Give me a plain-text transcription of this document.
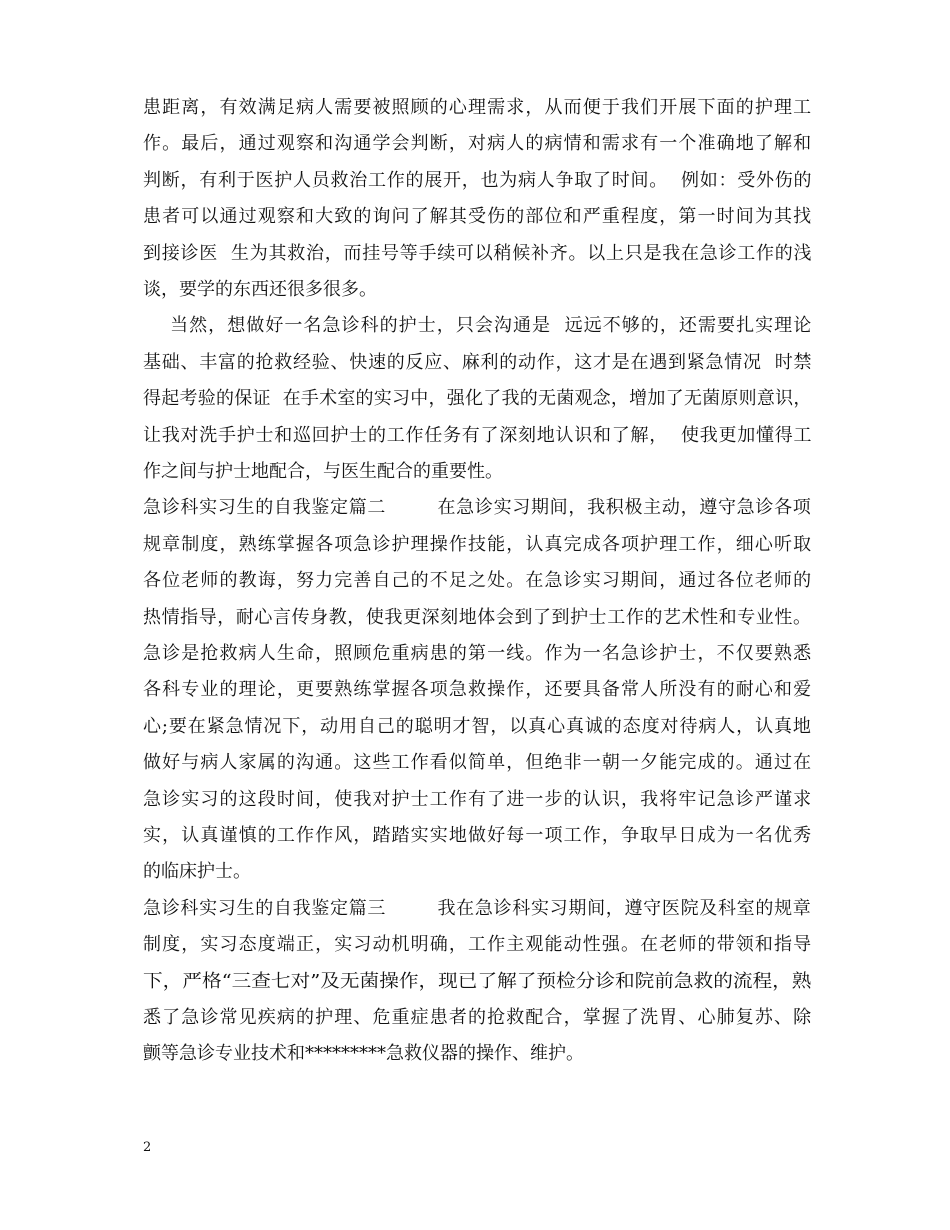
患距离，有效满足病人需要被照顾的心理需求，从而便于我们开展下面的护理工
作。最后，通过观察和沟通学会判断，对病人的病情和需求有一个准确地了解和
判断，有利于医护人员救治工作的展开，也为病人争取了时间。  例如：受外伤的
患者可以通过观察和大致的询问了解其受伤的部位和严重程度，第一时间为其找
到接诊医  生为其救治，而挂号等手续可以稍候补齐。以上只是我在急诊工作的浅
谈，要学的东西还很多很多。
当然，想做好一名急诊科的护士，只会沟通是  远远不够的，还需要扎实理论
基础、丰富的抢救经验、快速的反应、麻利的动作，这才是在遇到紧急情况  时禁
得起考验的保证  在手术室的实习中，强化了我的无菌观念，增加了无菌原则意识，
让我对洗手护士和巡回护士的工作任务有了深刻地认识和了解，  使我更加懂得工
作之间与护士地配合，与医生配合的重要性。
急诊科实习生的自我鉴定篇二        在急诊实习期间，我积极主动，遵守急诊各项
规章制度，熟练掌握各项急诊护理操作技能，认真完成各项护理工作，细心听取
各位老师的教诲，努力完善自己的不足之处。在急诊实习期间，通过各位老师的
热情指导，耐心言传身教，使我更深刻地体会到了到护士工作的艺术性和专业性。
急诊是抢救病人生命，照顾危重病患的第一线。作为一名急诊护士，不仅要熟悉
各科专业的理论，更要熟练掌握各项急救操作，还要具备常人所没有的耐心和爱
心;要在紧急情况下，动用自己的聪明才智，以真心真诚的态度对待病人，认真地
做好与病人家属的沟通。这些工作看似简单，但绝非一朝一夕能完成的。通过在
急诊实习的这段时间，使我对护士工作有了进一步的认识，我将牢记急诊严谨求
实，认真谨慎的工作作风，踏踏实实地做好每一项工作，争取早日成为一名优秀
的临床护士。
急诊科实习生的自我鉴定篇三        我在急诊科实习期间，遵守医院及科室的规章
制度，实习态度端正，实习动机明确，工作主观能动性强。在老师的带领和指导
下，严格“三查七对”及无菌操作，现已了解了预检分诊和院前急救的流程，熟
悉了急诊常见疾病的护理、危重症患者的抢救配合，掌握了洗胃、心肺复苏、除
颤等急诊专业技术和*********急救仪器的操作、维护。
2
